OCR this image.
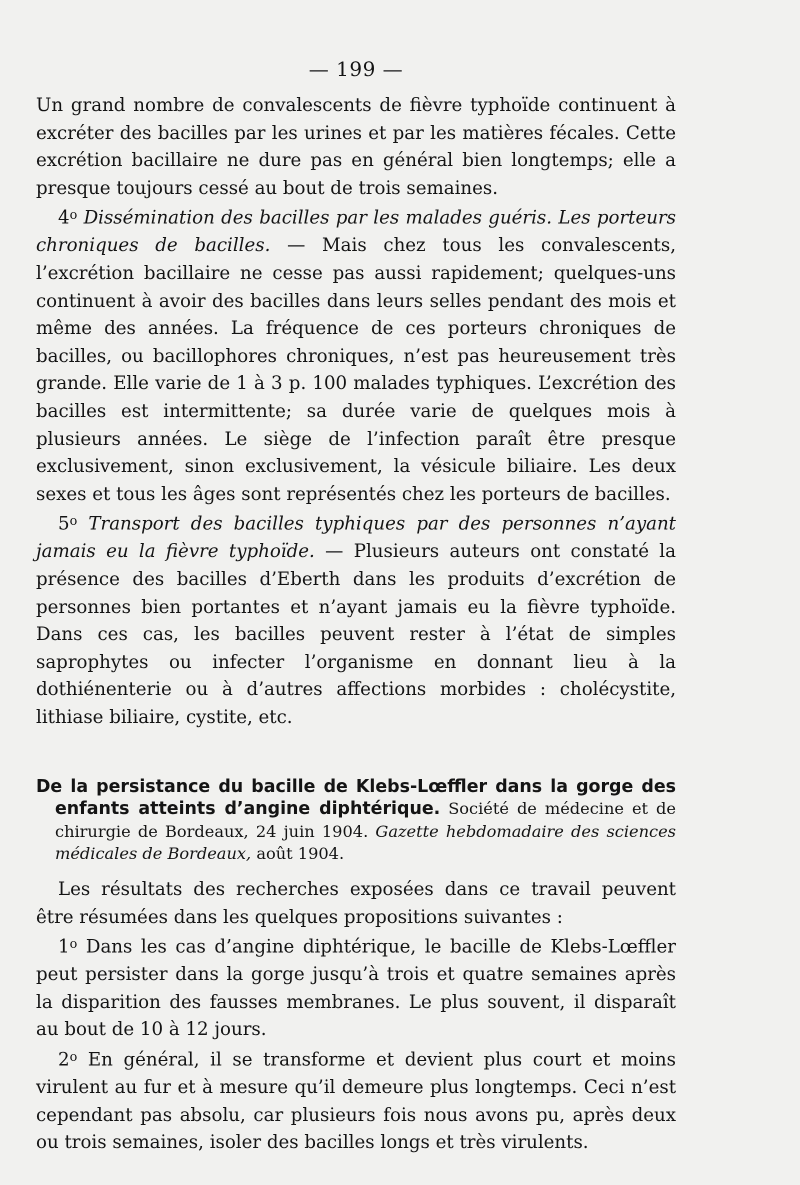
— 199 —

Un grand nombre de convalescents de fièvre typhoïde continuent à excréter des bacilles par les urines et par les matières fécales. Cette excrétion bacillaire ne dure pas en général bien longtemps; elle a presque toujours cessé au bout de trois semaines.

4$^o$ Dissémination des bacilles par les malades guéris. Les porteurs chroniques de bacilles. — Mais chez tous les convalescents, l’excrétion bacillaire ne cesse pas aussi rapidement; quelques-uns continuent à avoir des bacilles dans leurs selles pendant des mois et même des années. La fréquence de ces porteurs chroniques de bacilles, ou bacillophores chroniques, n’est pas heureusement très grande. Elle varie de 1 à 3 p. 100 malades typhiques. L’excrétion des bacilles est intermittente; sa durée varie de quelques mois à plusieurs années. Le siège de l’infection paraît être presque exclusivement, sinon exclusivement, la vésicule biliaire. Les deux sexes et tous les âges sont représentés chez les porteurs de bacilles.

5$^o$ Transport des bacilles typhiques par des personnes n’ayant jamais eu la fièvre typhoïde. — Plusieurs auteurs ont constaté la présence des bacilles d’Eberth dans les produits d’excrétion de personnes bien portantes et n’ayant jamais eu la fièvre typhoïde. Dans ces cas, les bacilles peuvent rester à l’état de simples saprophytes ou infecter l’organisme en donnant lieu à la dothiénenterie ou à d’autres affections morbides : cholécystite, lithiase biliaire, cystite, etc.

De la persistance du bacille de Klebs-Lœffler dans la gorge des enfants atteints d’angine diphtérique. Société de médecine et de chirurgie de Bordeaux, 24 juin 1904. Gazette hebdomadaire des sciences médicales de Bordeaux, août 1904.

Les résultats des recherches exposées dans ce travail peuvent être résumées dans les quelques propositions suivantes :

1$^o$ Dans les cas d’angine diphtérique, le bacille de Klebs-Lœffler peut persister dans la gorge jusqu’à trois et quatre semaines après la disparition des fausses membranes. Le plus souvent, il disparaît au bout de 10 à 12 jours.

2$^o$ En général, il se transforme et devient plus court et moins virulent au fur et à mesure qu’il demeure plus longtemps. Ceci n’est cependant pas absolu, car plusieurs fois nous avons pu, après deux ou trois semaines, isoler des bacilles longs et très virulents.
